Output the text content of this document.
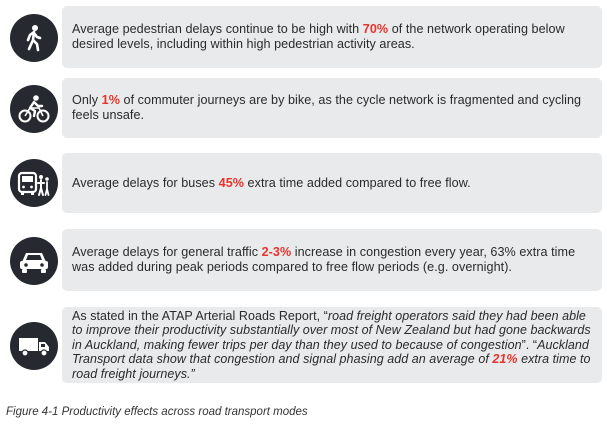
Average pedestrian delays continue to be high with 70% of the network operating below desired levels, including within high pedestrian activity areas.
Only 1% of commuter journeys are by bike, as the cycle network is fragmented and cycling feels unsafe.
Average delays for buses 45% extra time added compared to free flow.
Average delays for general traffic 2-3% increase in congestion every year, 63% extra time was added during peak periods compared to free flow periods (e.g. overnight).
As stated in the ATAP Arterial Roads Report, “road freight operators said they had been able to improve their productivity substantially over most of New Zealand but had gone backwards in Auckland, making fewer trips per day than they used to because of congestion”. “Auckland Transport data show that congestion and signal phasing add an average of 21% extra time to road freight journeys.”
Figure 4-1 Productivity effects across road transport modes
